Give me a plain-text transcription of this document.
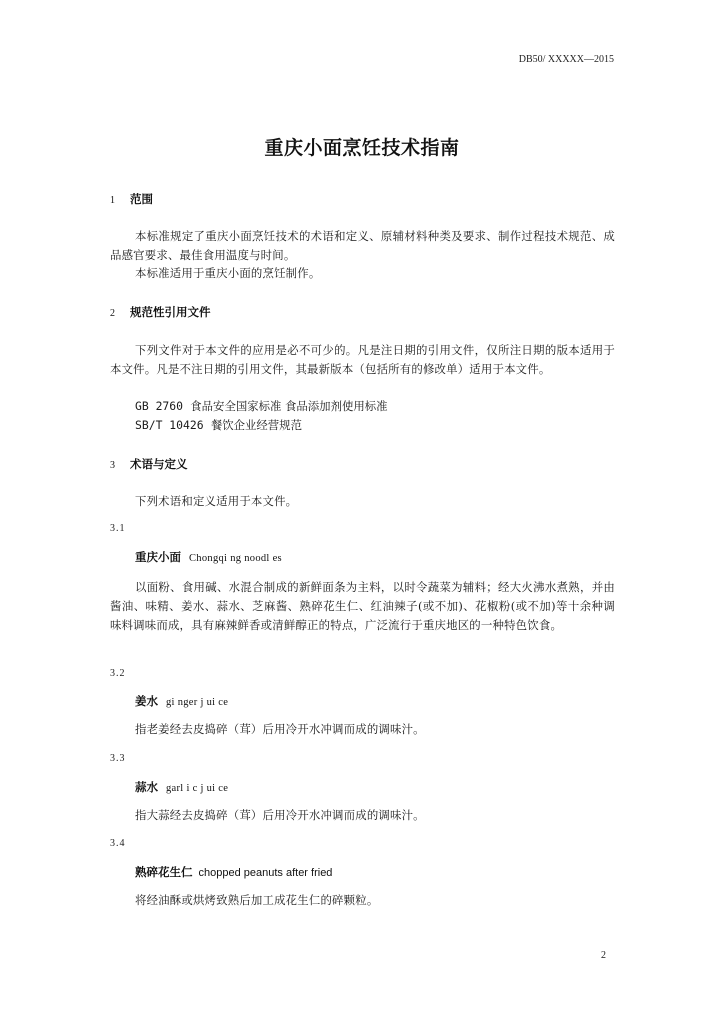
DB50/ XXXXX—2015
重庆小面烹饪技术指南
1 范围
本标准规定了重庆小面烹饪技术的术语和定义、原辅材料种类及要求、制作过程技术规范、成品感官要求、最佳食用温度与时间。
本标准适用于重庆小面的烹饪制作。
2 规范性引用文件
下列文件对于本文件的应用是必不可少的。凡是注日期的引用文件，仅所注日期的版本适用于本文件。凡是不注日期的引用文件，其最新版本（包括所有的修改单）适用于本文件。
GB 2760 食品安全国家标准 食品添加剂使用标准
SB/T 10426 餐饮企业经营规范
3 术语与定义
下列术语和定义适用于本文件。
3.1
重庆小面 Chongqi ng noodl es
以面粉、食用碱、水混合制成的新鲜面条为主料，以时令蔬菜为辅料；经大火沸水煮熟，并由酱油、味精、姜水、蒜水、芝麻酱、熟碎花生仁、红油辣子(或不加)、花椒粉(或不加)等十余种调味料调味而成，具有麻辣鲜香或清鲜醇正的特点，广泛流行于重庆地区的一种特色饮食。
3.2
姜水 gi nger j ui ce
指老姜经去皮捣碎（茸）后用冷开水冲调而成的调味汁。
3.3
蒜水 garl i c j ui ce
指大蒜经去皮捣碎（茸）后用冷开水冲调而成的调味汁。
3.4
熟碎花生仁 chopped peanuts after fried
将经油酥或烘烤致熟后加工成花生仁的碎颗粒。
2
